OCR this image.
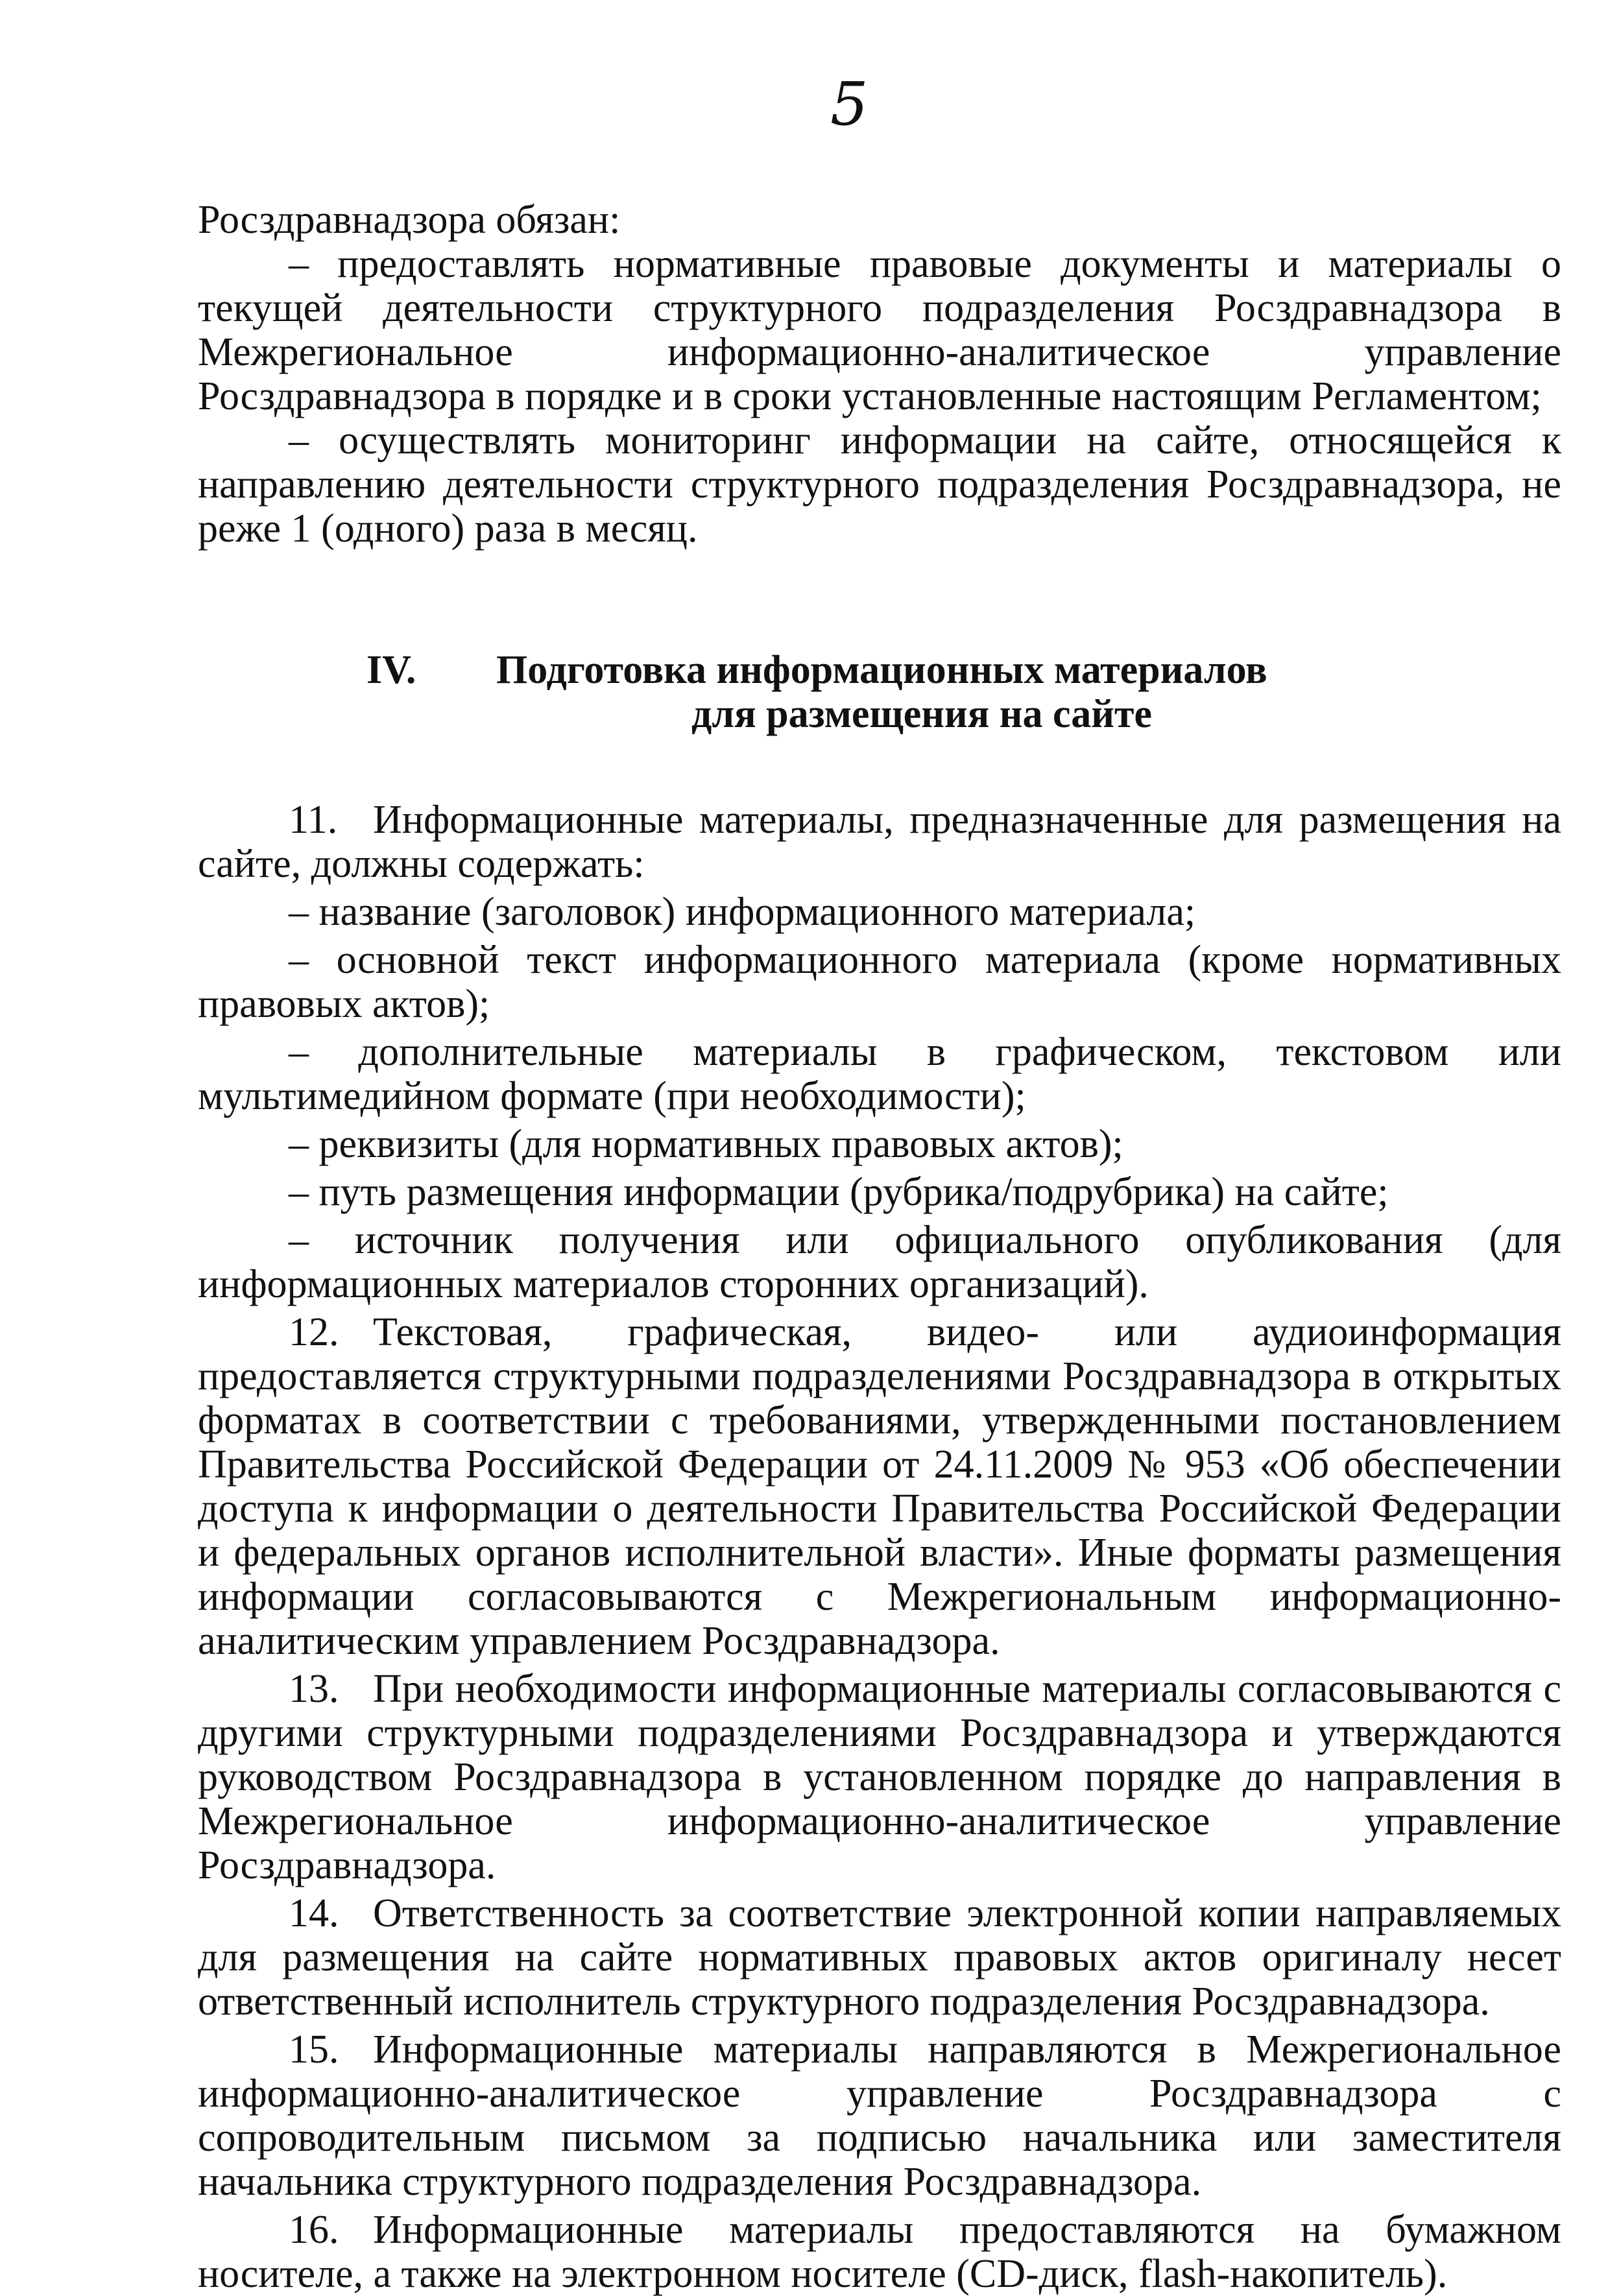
5

Росздравнадзора обязан:

– предоставлять нормативные правовые документы и материалы о текущей деятельности структурного подразделения Росздравнадзора в Межрегиональное информационно-аналитическое управление Росздравнадзора в порядке и в сроки установленные настоящим Регламентом;

– осуществлять мониторинг информации на сайте, относящейся к направлению деятельности структурного подразделения Росздравнадзора, не реже 1 (одного) раза в месяц.

IV. Подготовка информационных материалов
для размещения на сайте

11. Информационные материалы, предназначенные для размещения на сайте, должны содержать:

– название (заголовок) информационного материала;

– основной текст информационного материала (кроме нормативных правовых актов);

– дополнительные материалы в графическом, текстовом или мультимедийном формате (при необходимости);

– реквизиты (для нормативных правовых актов);

– путь размещения информации (рубрика/подрубрика) на сайте;

– источник получения или официального опубликования (для информационных материалов сторонних организаций).

12. Текстовая, графическая, видео- или аудиоинформация предоставляется структурными подразделениями Росздравнадзора в открытых форматах в соответствии с требованиями, утвержденными постановлением Правительства Российской Федерации от 24.11.2009 № 953 «Об обеспечении доступа к информации о деятельности Правительства Российской Федерации и федеральных органов исполнительной власти». Иные форматы размещения информации согласовываются с Межрегиональным информационно-аналитическим управлением Росздравнадзора.

13. При необходимости информационные материалы согласовываются с другими структурными подразделениями Росздравнадзора и утверждаются руководством Росздравнадзора в установленном порядке до направления в Межрегиональное информационно-аналитическое управление Росздравнадзора.

14. Ответственность за соответствие электронной копии направляемых для размещения на сайте нормативных правовых актов оригиналу несет ответственный исполнитель структурного подразделения Росздравнадзора.

15. Информационные материалы направляются в Межрегиональное информационно-аналитическое управление Росздравнадзора с сопроводительным письмом за подписью начальника или заместителя начальника структурного подразделения Росздравнадзора.

16. Информационные материалы предоставляются на бумажном носителе, а также на электронном носителе (CD-диск, flash-накопитель).
